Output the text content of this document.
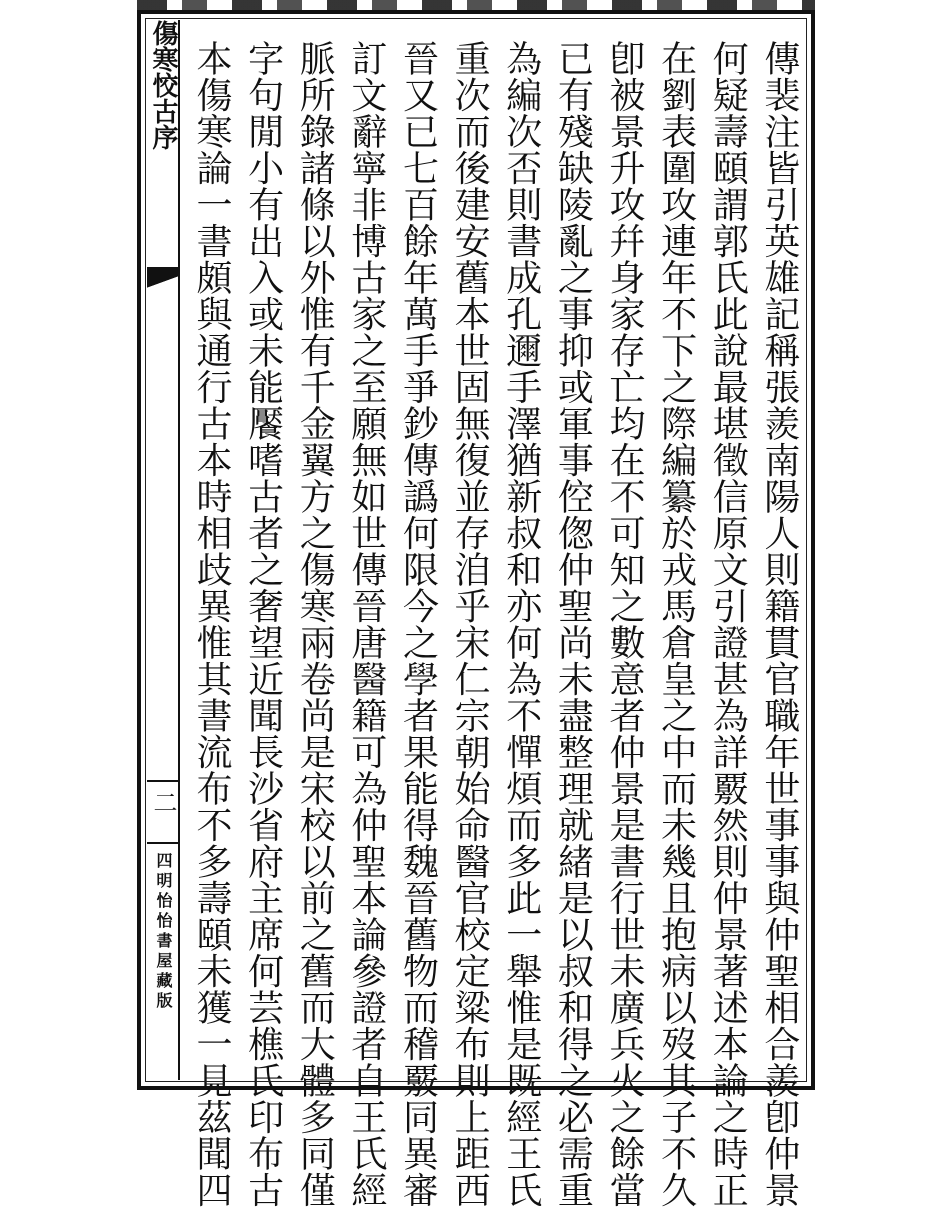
傷寒恔古序
二
四明怡怡書屋藏版	傳裴注皆引英雄記稱張羨南陽人則籍貫官職年世事事與仲聖相合羨卽仲景
何疑壽頤謂郭氏此說最堪徵信原文引證甚為詳覈然則仲景著述本論之時正
在劉表圍攻連年不下之際編纂於戎馬倉皇之中而未幾且抱病以歿其子不久
卽被景升攻幷身家存亡均在不可知之數意者仲景是書行世未廣兵火之餘當
已有殘缺陵亂之事抑或軍事倥偬仲聖尚未盡整理就緒是以叔和得之必需重
為編次否則書成孔邇手澤猶新叔和亦何為不憚煩而多此一舉惟是既經王氏
重次而後建安舊本世固無復並存洎乎宋仁宗朝始命醫官校定粱布則上距西
晉又已七百餘年萬手爭鈔傳譌何限今之學者果能得魏晉舊物而稽覈同異審
訂文辭寧非博古家之至願無如世傳晉唐醫籍可為仲聖本論參證者自王氏經
脈所錄諸條以外惟有千金翼方之傷寒兩卷尚是宋校以前之舊而大體多同僅
字句閒小有出入或未能饜嗜古者之奢望近聞長沙省府主席何芸樵氏印布古
本傷寒論一書頗與通行古本時相歧異惟其書流布不多壽頤未獲一見茲聞四
